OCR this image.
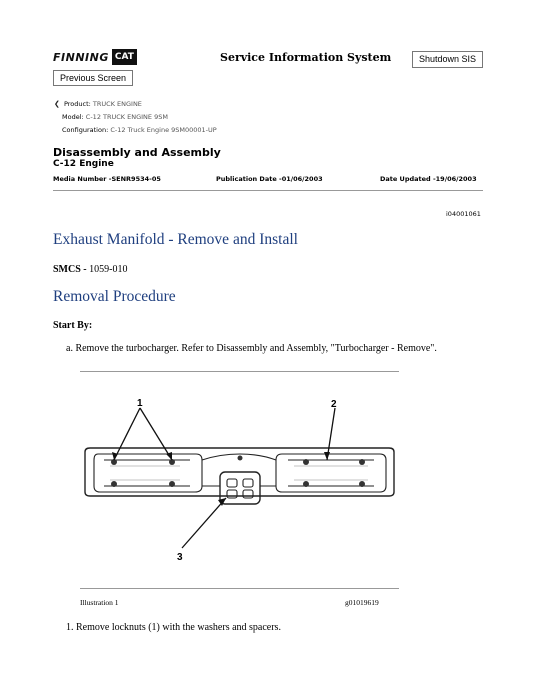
FINNING CAT	Service Information System	Shutdown SIS
Previous Screen
❮ Product: TRUCK ENGINE
Model: C-12 TRUCK ENGINE 9SM
Configuration: C-12 Truck Engine 9SM00001-UP
Disassembly and Assembly
C-12 Engine
Media Number -SENR9534-05	Publication Date -01/06/2003	Date Updated -19/06/2003
i04001061
Exhaust Manifold - Remove and Install
SMCS - 1059-010
Removal Procedure
Start By:
a. Remove the turbocharger. Refer to Disassembly and Assembly, "Turbocharger - Remove".
1	2
3
Illustration 1	g01019619
1. Remove locknuts (1) with the washers and spacers.
